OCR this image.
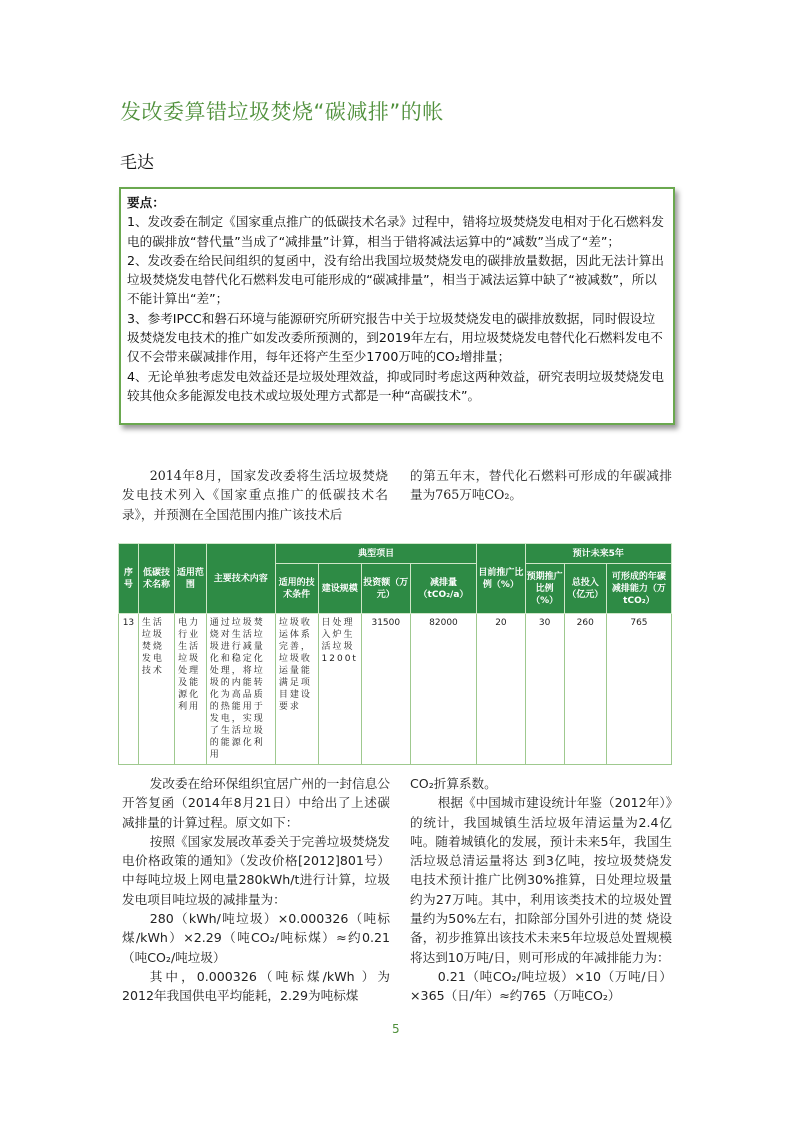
发改委算错垃圾焚烧“碳减排”的帐
毛达

要点：

1、发改委在制定《国家重点推广的低碳技术名录》过程中，错将垃圾焚烧发电相对于化石燃料发电的碳排放“替代量”当成了“减排量”计算，相当于错将减法运算中的“减数”当成了“差”；

2、发改委在给民间组织的复函中，没有给出我国垃圾焚烧发电的碳排放量数据，因此无法计算出垃圾焚烧发电替代化石燃料发电可能形成的“碳减排量”，相当于减法运算中缺了“被减数”，所以不能计算出“差”；

3、参考IPCC和磐石环境与能源研究所研究报告中关于垃圾焚烧发电的碳排放数据，同时假设垃圾焚烧发电技术的推广如发改委所预测的，到2019年左右，用垃圾焚烧发电替代化石燃料发电不仅不会带来碳减排作用，每年还将产生至少1700万吨的CO₂增排量；

4、无论单独考虑发电效益还是垃圾处理效益，抑或同时考虑这两种效益，研究表明垃圾焚烧发电较其他众多能源发电技术或垃圾处理方式都是一种“高碳技术”。

2014年8月，国家发改委将生活垃圾焚烧发电技术列入《国家重点推广的低碳技术名录》，并预测在全国范围内推广该技术后

的第五年末，替代化石燃料可形成的年碳减排量为765万吨CO₂。

序号	低碳技术名称	适用范围	主要技术内容	典型项目				目前推广比例（%）	预计未来5年		
				适用的技术条件	建设规模	投资额（万元）	减排量（tCO₂/a）		预期推广比例（%）	总投入（亿元）	可形成的年碳减排能力（万tCO₂）
13	生活垃圾焚烧发电技术	电力行业生活垃圾处理及能源化利用	通过垃圾焚烧对生活垃圾进行减量化和稳定化处理，将垃圾的内能转化为高品质的热能用于发电，实现了生活垃圾的能源化利用	垃圾收运体系完善，垃圾收运量能满足项目建设要求	日处理入炉生活垃圾1200t	31500	82000	20	30	260	765

发改委在给环保组织宜居广州的一封信息公开答复函（2014年8月21日）中给出了上述碳减排量的计算过程。原文如下：

按照《国家发展改革委关于完善垃圾焚烧发电价格政策的通知》（发改价格[2012]801号）中每吨垃圾上网电量280kWh/t进行计算，垃圾发电项目吨垃圾的减排量为：

280（kWh/吨垃圾）×0.000326（吨标煤/kWh）×2.29（吨CO₂/吨标煤）≈约0.21（吨CO₂/吨垃圾）

其中，0.000326（吨标煤/kWh ）为2012年我国供电平均能耗，2.29为吨标煤

CO₂折算系数。

根据《中国城市建设统计年鉴（2012年）》的统计，我国城镇生活垃圾年清运量为2.4亿吨。随着城镇化的发展，预计未来5年，我国生活垃圾总清运量将达 到3亿吨，按垃圾焚烧发电技术预计推广比例30%推算，日处理垃圾量约为27万吨。其中，利用该类技术的垃圾处置量约为50%左右，扣除部分国外引进的焚 烧设备，初步推算出该技术未来5年垃圾总处置规模将达到10万吨/日，则可形成的年减排能力为：

0.21（吨CO₂/吨垃圾）×10（万吨/日）×365（日/年）≈约765（万吨CO₂）

5
